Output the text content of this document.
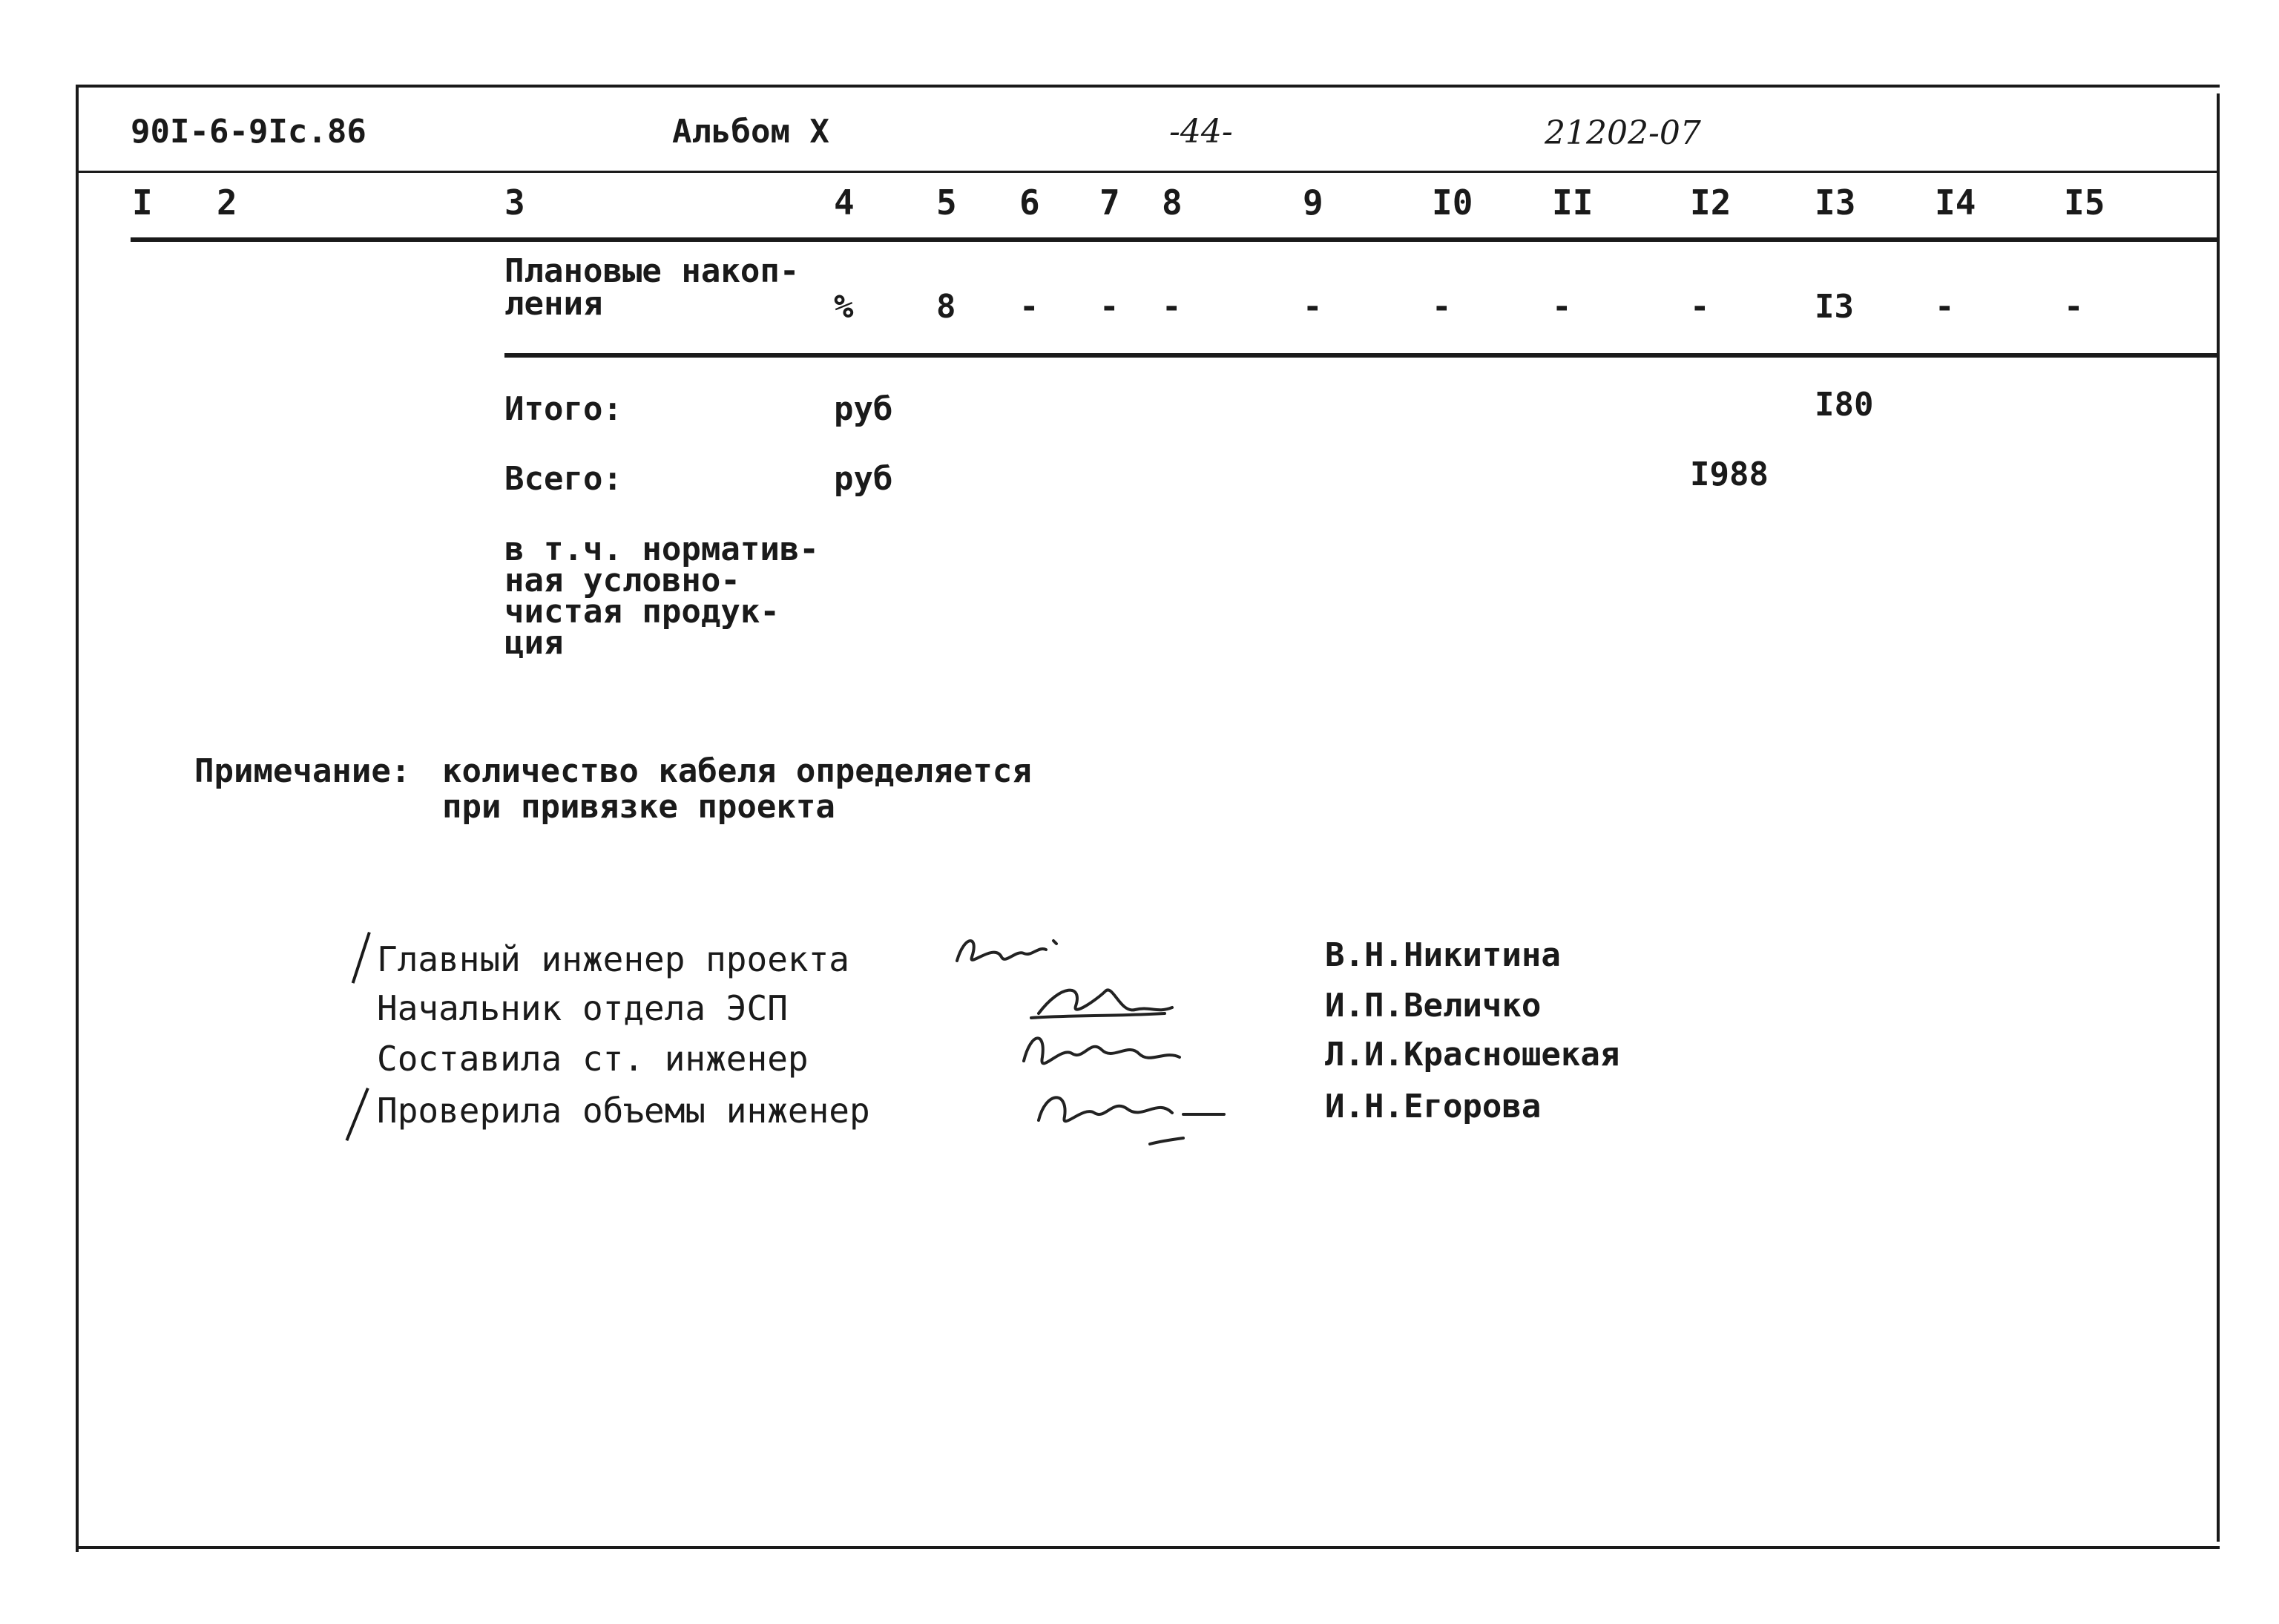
90I-6-9Ic.86	Альбом X	-44-	21202-07
I 2	3	4 5 6 7 8	9	I0 II	I2 I3 I4	I5
Плановые накоп-
ления	%	8 - - -	-	-	-	-	I3 -	-
Итого:	руб	I80
Всего:	руб	I988
в т.ч. норматив-
ная условно-
чистая продук-
ция
Примечание: количество кабеля определяется
при привязке проекта
Главный инженер проекта
Начальник отдела ЭСП
Составила ст. инженер
Проверила объемы инженер
В.Н.Никитина
И.П.Величко
Л.И.Красношекая
И.Н.Егорова
